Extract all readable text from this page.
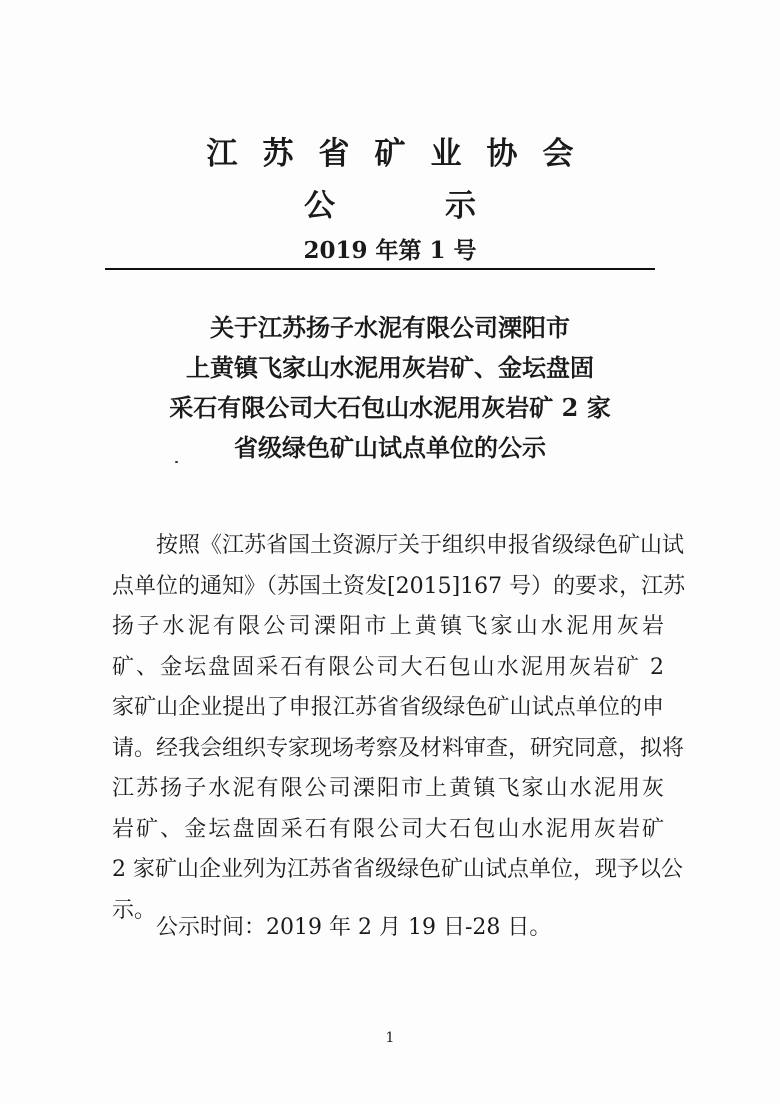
江苏省矿业协会
公示
2019 年第 1 号
关于江苏扬子水泥有限公司溧阳市
上黄镇飞家山水泥用灰岩矿、金坛盘固
采石有限公司大石包山水泥用灰岩矿 2 家
省级绿色矿山试点单位的公示
按照《江苏省国土资源厅关于组织申报省级绿色矿山试
点单位的通知》（苏国土资发[2015]167 号）的要求，江苏
扬子水泥有限公司溧阳市上黄镇飞家山水泥用灰岩
矿、金坛盘固采石有限公司大石包山水泥用灰岩矿 2
家矿山企业提出了申报江苏省省级绿色矿山试点单位的申
请。经我会组织专家现场考察及材料审查，研究同意，拟将
江苏扬子水泥有限公司溧阳市上黄镇飞家山水泥用灰
岩矿、金坛盘固采石有限公司大石包山水泥用灰岩矿
2 家矿山企业列为江苏省省级绿色矿山试点单位，现予以公
示。
公示时间：2019 年 2 月 19 日-28 日。
1
